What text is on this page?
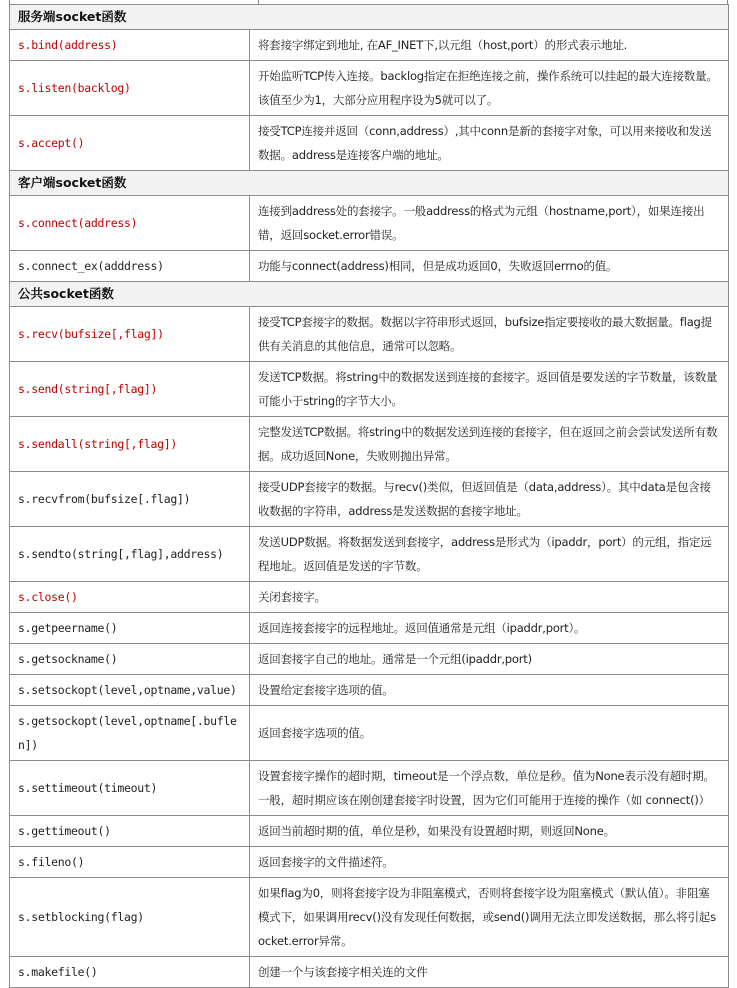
服务端socket函数	
s.bind(address)	将套接字绑定到地址, 在AF_INET下,以元组（host,port）的形式表示地址.
s.listen(backlog)	开始监听TCP传入连接。backlog指定在拒绝连接之前，操作系统可以挂起的最大连接数量。该值至少为1，大部分应用程序设为5就可以了。
s.accept()	接受TCP连接并返回（conn,address）,其中conn是新的套接字对象，可以用来接收和发送数据。address是连接客户端的地址。
客户端socket函数	
s.connect(address)	连接到address处的套接字。一般address的格式为元组（hostname,port），如果连接出错，返回socket.error错误。
s.connect_ex(adddress)	功能与connect(address)相同，但是成功返回0，失败返回errno的值。
公共socket函数	
s.recv(bufsize[,flag])	接受TCP套接字的数据。数据以字符串形式返回，bufsize指定要接收的最大数据量。flag提供有关消息的其他信息，通常可以忽略。
s.send(string[,flag])	发送TCP数据。将string中的数据发送到连接的套接字。返回值是要发送的字节数量，该数量可能小于string的字节大小。
s.sendall(string[,flag])	完整发送TCP数据。将string中的数据发送到连接的套接字，但在返回之前会尝试发送所有数据。成功返回None，失败则抛出异常。
s.recvfrom(bufsize[.flag])	接受UDP套接字的数据。与recv()类似，但返回值是（data,address）。其中data是包含接收数据的字符串，address是发送数据的套接字地址。
s.sendto(string[,flag],address)	发送UDP数据。将数据发送到套接字，address是形式为（ipaddr，port）的元组，指定远程地址。返回值是发送的字节数。
s.close()	关闭套接字。
s.getpeername()	返回连接套接字的远程地址。返回值通常是元组（ipaddr,port）。
s.getsockname()	返回套接字自己的地址。通常是一个元组(ipaddr,port)
s.setsockopt(level,optname,value)	设置给定套接字选项的值。
s.getsockopt(level,optname[.buflen])	返回套接字选项的值。
s.settimeout(timeout)	设置套接字操作的超时期，timeout是一个浮点数，单位是秒。值为None表示没有超时期。一般，超时期应该在刚创建套接字时设置，因为它们可能用于连接的操作（如 connect()）
s.gettimeout()	返回当前超时期的值，单位是秒，如果没有设置超时期，则返回None。
s.fileno()	返回套接字的文件描述符。
s.setblocking(flag)	如果flag为0，则将套接字设为非阻塞模式，否则将套接字设为阻塞模式（默认值）。非阻塞模式下，如果调用recv()没有发现任何数据，或send()调用无法立即发送数据，那么将引起socket.error异常。
s.makefile()	创建一个与该套接字相关连的文件
